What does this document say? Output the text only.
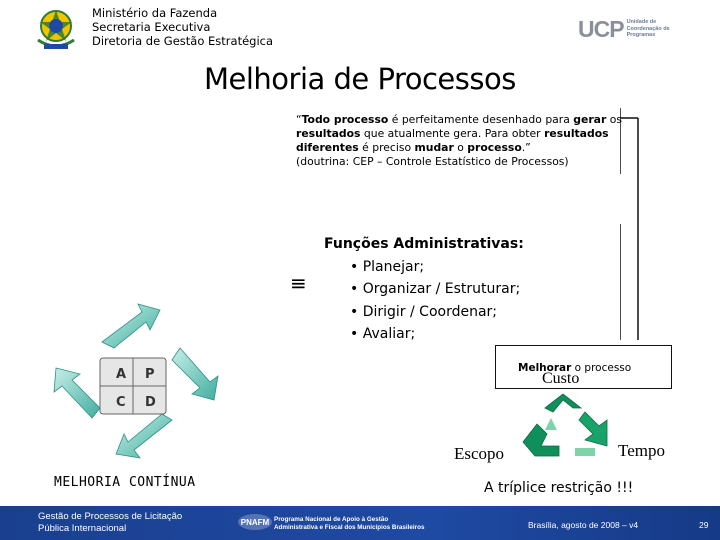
Ministério da Fazenda
Secretaria Executiva
Diretoria de Gestão Estratégica	UCP Unidade de
Coordenação de
Programas
Melhoria de Processos
“Todo processo é perfeitamente desenhado para gerar os resultados que atualmente gera. Para obter resultados diferentes é preciso mudar o processo.”
(doutrina: CEP – Controle Estatístico de Processos)
≡
Funções Administrativas:
• Planejar;
• Organizar / Estruturar;
• Dirigir / Coordenar;
• Avaliar;
A P
C D
MELHORIA CONTÍNUA
Melhorar o processo
Custo
Escopo	Tempo
A tríplice restrição !!!
Gestão de Processos de Licitação
Pública Internacional
PNAFM Programa Nacional de Apoio à Gestão
Administrativa e Fiscal dos Municípios Brasileiros	Brasília, agosto de 2008 – v4	29
